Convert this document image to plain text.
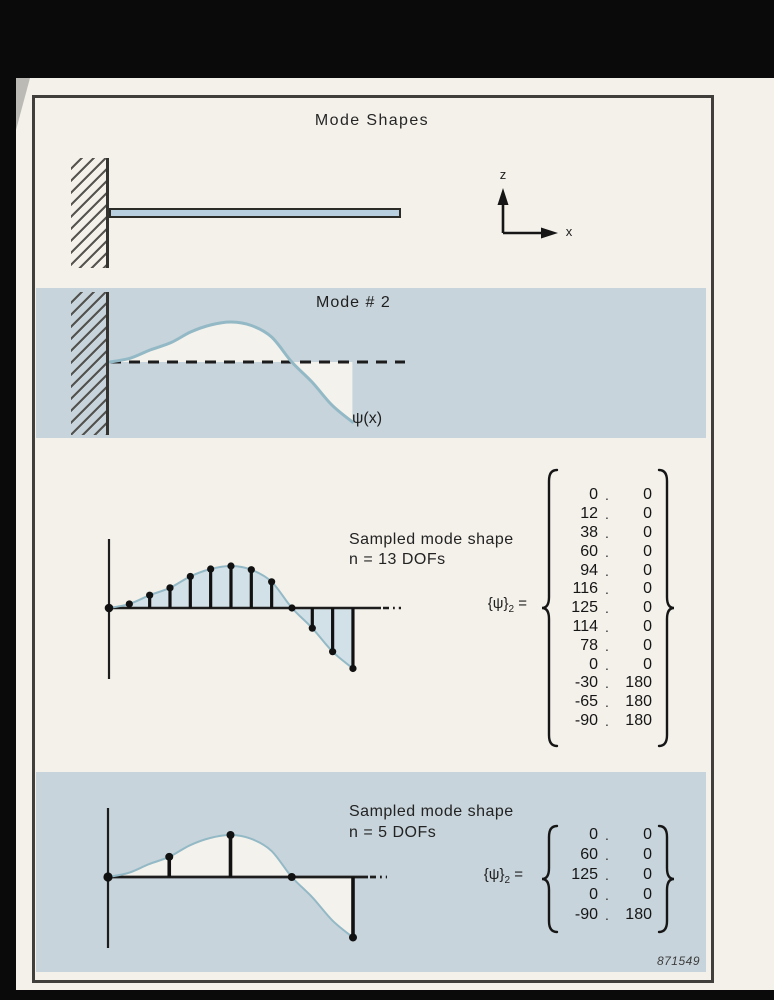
Mode Shapes
z
x
Mode # 2
ψ(x)
Sampled mode shape
n = 13 DOFs
$\{\psi\}_2$ =
0 .	0
12 .	0
38 .	0
60 .	0
94 .	0
116 .	0
125 .	0
114 .	0
78 .	0
0 .	0
-30 .	180
-65 .	180
-90 .	180
Sampled mode shape
n = 5 DOFs
$\{\psi\}_2$ =
0 .	0
60 .	0
125 .	0
0 .	0
-90 .	180
871549
